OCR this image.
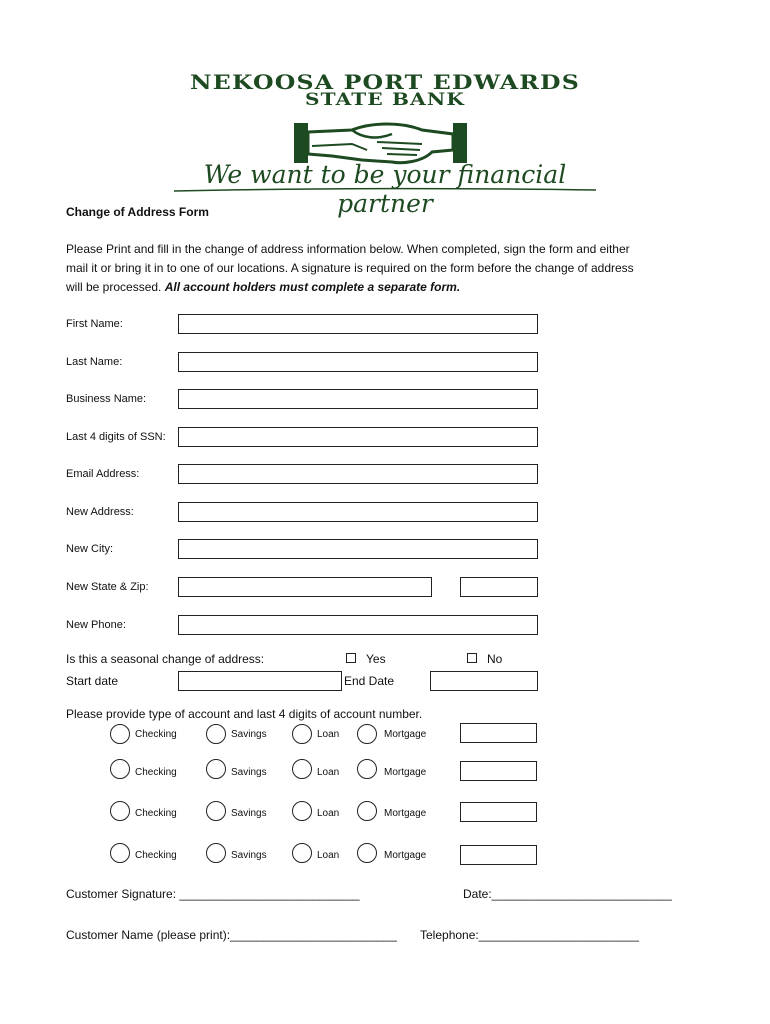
NEKOOSA PORT EDWARDS
STATE BANK
We want to be your financial partner
Change of Address Form
Please Print and fill in the change of address information below. When completed, sign the form and either mail it or bring it in to one of our locations. A signature is required on the form before the change of address will be processed. All account holders must complete a separate form.
First Name:
Last Name:
Business Name:
Last 4 digits of SSN:
Email Address:
New Address:
New City:
New State & Zip:
New Phone:
Is this a seasonal change of address:	Yes	No
Start date	End Date
Please provide type of account and last 4 digits of account number.
Checking	Savings	Loan	Mortgage
Checking	Savings	Loan	Mortgage
Checking	Savings	Loan	Mortgage
Checking	Savings	Loan	Mortgage
Customer Signature: ___________________________	Date:___________________________
Customer Name (please print):_________________________ Telephone:________________________
